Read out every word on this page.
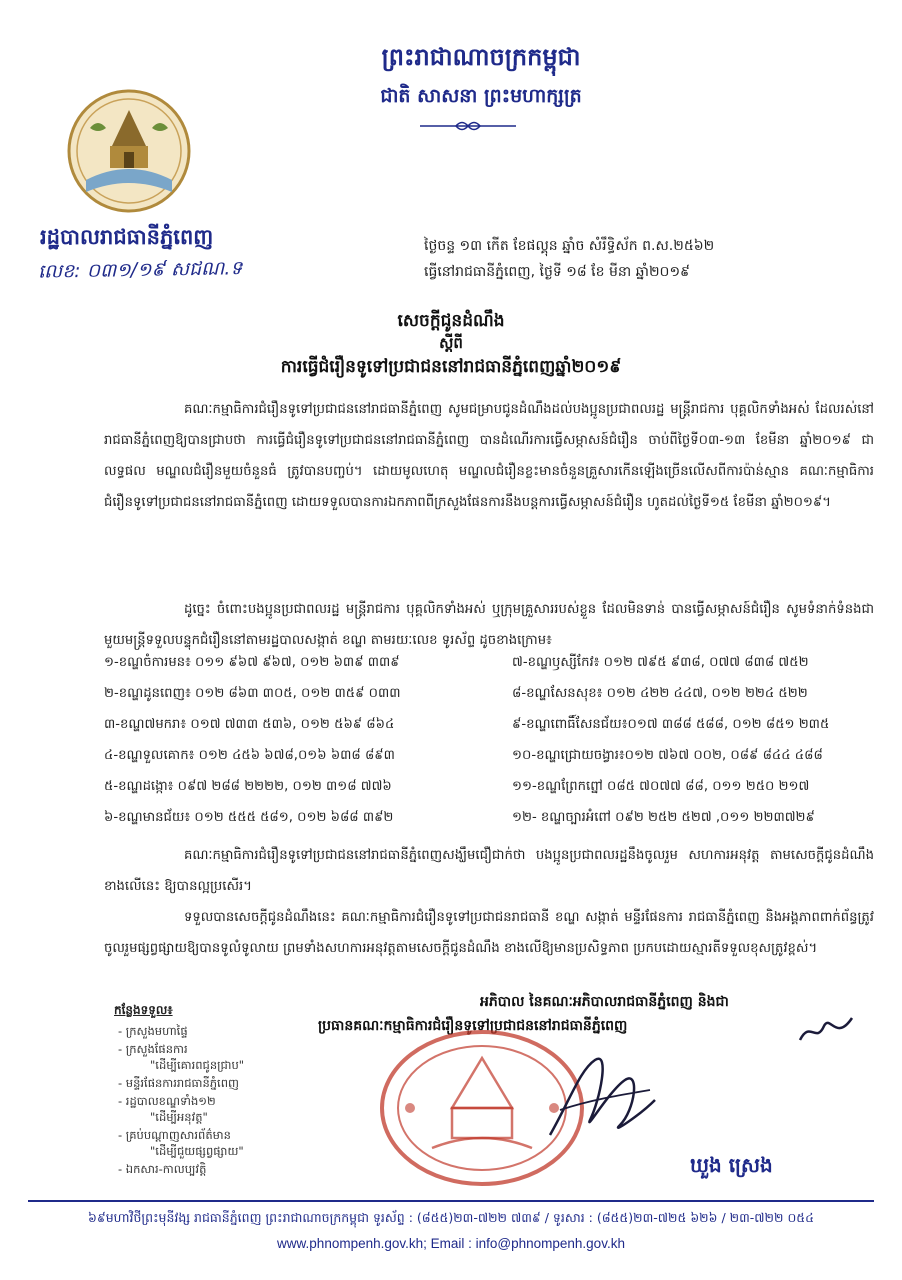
ព្រះរាជាណាចក្រកម្ពុជា
ជាតិ សាសនា ព្រះមហាក្សត្រ
រដ្ឋបាលរាជធានីភ្នំពេញ
លេខ: ០៣១/១៩ សជណ.ទ
ថ្ងៃចន្ទ ១៣ កើត ខែផល្គុន ឆ្នាំច សំរឹទ្ធិស័ក ព.ស.២៥៦២
ធ្វើនៅរាជធានីភ្នំពេញ, ថ្ងៃទី ១៨ ខែ មីនា ឆ្នាំ២០១៩
សេចក្តីជូនដំណឹង
ស្តីពី
ការធ្វើជំរឿនទូទៅប្រជាជននៅរាជធានីភ្នំពេញឆ្នាំ២០១៩
គណៈកម្មាធិការជំរឿនទូទៅប្រជាជននៅរាជធានីភ្នំពេញ សូមជម្រាបជូនដំណឹងដល់បងប្អូនប្រជាពលរដ្ឋ មន្ត្រីរាជការ បុគ្គលិកទាំងអស់ ដែលរស់នៅរាជធានីភ្នំពេញឱ្យបានជ្រាបថា ការធ្វើជំរឿនទូទៅប្រជាជននៅរាជធានីភ្នំពេញ បានដំណើរការធ្វើសម្ភាសន៍ជំរឿន ចាប់ពីថ្ងៃទី០៣-១៣ ខែមីនា ឆ្នាំ២០១៩ ជាលទ្ធផល មណ្ឌលជំរឿនមួយចំនួនធំ ត្រូវបានបញ្ចប់។ ដោយមូលហេតុ មណ្ឌលជំរឿនខ្លះមានចំនួនគ្រួសារកើនឡើងច្រើនលើសពីការប៉ាន់ស្មាន គណៈកម្មាធិការ ជំរឿនទូទៅប្រជាជននៅរាជធានីភ្នំពេញ ដោយទទួលបានការឯកភាពពីក្រសួងផែនការនឹងបន្តការធ្វើសម្ភាសន៍ជំរឿន ហូតដល់ថ្ងៃទី១៥ ខែមីនា ឆ្នាំ២០១៩។
ដូច្នេះ ចំពោះបងប្អូនប្រជាពលរដ្ឋ មន្ត្រីរាជការ បុគ្គលិកទាំងអស់ ឬក្រុមគ្រួសាររបស់ខ្លួន ដែលមិនទាន់ បានធ្វើសម្ភាសន៍ជំរឿន សូមទំនាក់ទំនងជាមួយមន្ត្រីទទួលបន្ទុកជំរឿននៅតាមរដ្ឋបាលសង្កាត់ ខណ្ឌ តាមរយៈលេខ ទូរស័ព្ទ ដូចខាងក្រោម៖
១-ខណ្ឌចំការមន៖ ០១១ ៩៦៧ ៩៦៧, ០១២ ៦៣៩ ៣៣៩
២-ខណ្ឌដូនពេញ៖ ០១២ ៨៦៣ ៣០៥, ០១២ ៣៥៩ ០៣៣
៣-ខណ្ឌ៧មករា៖ ០១៧ ៧៣៣ ៥៣៦, ០១២ ៥៦៩ ៨៦៤
៤-ខណ្ឌទួលគោក៖ ០១២ ៤៥៦ ៦៧៨,០១៦ ៦៣៨ ៨៩៣
៥-ខណ្ឌដង្កោ៖ ០៩៧ ២៨៨ ២២២២, ០១២ ៣១៨ ៧៧៦
៦-ខណ្ឌមានជ័យ៖ ០១២ ៥៥៥ ៥៨១, ០១២ ៦៨៨ ៣៩២
៧-ខណ្ឌឫស្សីកែវ៖ ០១២ ៧៩៥ ៩៣៨, ០៧៧ ៨៣៨ ៧៥២
៨-ខណ្ឌសែនសុខ៖ ០១២ ៤២២ ៤៤៧, ០១២ ២២៤ ៥២២
៩-ខណ្ឌពោធិ៍សែនជ័យ៖០១៧ ៣៨៨ ៥៨៨, ០១២ ៨៥១ ២៣៥
១០-ខណ្ឌជ្រោយចង្វារ៖០១២ ៧៦៧ ០០២, ០៨៩ ៨៤៤ ៤៨៨
១១-ខណ្ឌព្រែកព្នៅ ០៨៥ ៧០៧៧ ៨៨, ០១១ ២៥០ ២១៧
១២- ខណ្ឌច្បារអំពៅ ០៩២ ២៥២ ៥២៧ ,០១១ ២២៣៧២៩
គណៈកម្មាធិការជំរឿនទូទៅប្រជាជននៅរាជធានីភ្នំពេញសង្ឃឹមជឿជាក់ថា បងប្អូនប្រជាពលរដ្ឋនឹងចូលរួម សហការអនុវត្ត តាមសេចក្តីជូនដំណឹងខាងលើនេះ ឱ្យបានល្អប្រសើរ។
ទទួលបានសេចក្តីជូនដំណឹងនេះ គណៈកម្មាធិការជំរឿនទូទៅប្រជាជនរាជធានី ខណ្ឌ សង្កាត់ មន្ទីរផែនការ រាជធានីភ្នំពេញ និងអង្គភាពពាក់ព័ន្ធត្រូវចូលរួមផ្សព្វផ្សាយឱ្យបានទូលំទូលាយ ព្រមទាំងសហការអនុវត្តតាមសេចក្តីជូនដំណឹង ខាងលើឱ្យមានប្រសិទ្ធភាព ប្រកបដោយស្មារតីទទួលខុសត្រូវខ្ពស់។
អភិបាល នៃគណៈអភិបាលរាជធានីភ្នំពេញ និងជា
ប្រធានគណៈកម្មាធិការជំរឿនទូទៅប្រជាជននៅរាជធានីភ្នំពេញ
ឃួង ស្រេង
កន្លែងទទួល៖
- ក្រសួងមហាផ្ទៃ
- ក្រសួងផែនការ
"ដើម្បីគោរពជូនជ្រាប"
- មន្ទីរផែនការរាជធានីភ្នំពេញ
- រដ្ឋបាលខណ្ឌទាំង១២
"ដើម្បីអនុវត្ត"
- គ្រប់បណ្តាញសារព័ត៌មាន
"ដើម្បីជួយផ្សព្វផ្សាយ"
- ឯកសារ-កាលប្បវត្តិ
៦៩មហាវិថីព្រះមុនីវង្ស រាជធានីភ្នំពេញ ព្រះរាជាណាចក្រកម្ពុជា ទូរស័ព្ទ : (៨៥៥)២៣-៧២២ ៧៣៩ / ទូរសារ : (៨៥៥)២៣-៧២៥ ៦២៦ / ២៣-៧២២ ០៥៤
www.phnompenh.gov.kh; Email : info@phnompenh.gov.kh
